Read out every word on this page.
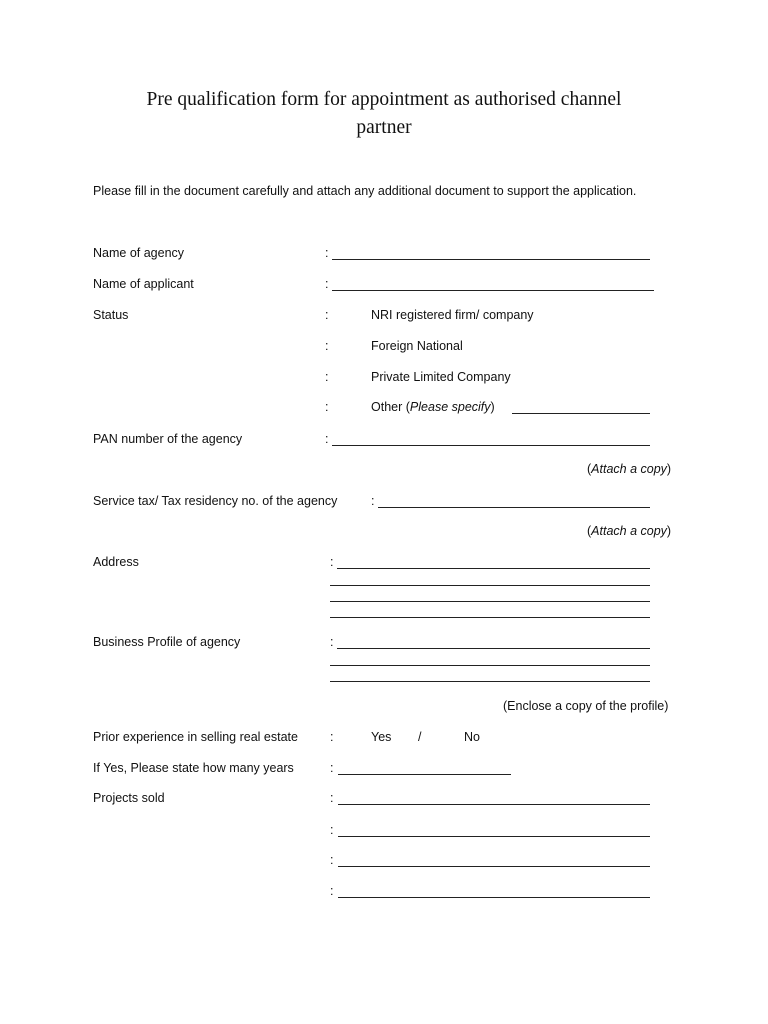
Pre qualification form for appointment as authorised channel
partner
Please fill in the document carefully and attach any additional document to support the application.
Name of agency	:
Name of applicant	:
Status	:	NRI registered firm/ company
:	Foreign National
:	Private Limited Company
:	Other (Please specify)
PAN number of the agency	:
(Attach a copy)
Service tax/ Tax residency no. of the agency	:
(Attach a copy)
Address	:
Business Profile of agency	:
(Enclose a copy of the profile)
Prior experience in selling real estate	:	Yes /	No
If Yes, Please state how many years	:
Projects sold	:
:
:
:
